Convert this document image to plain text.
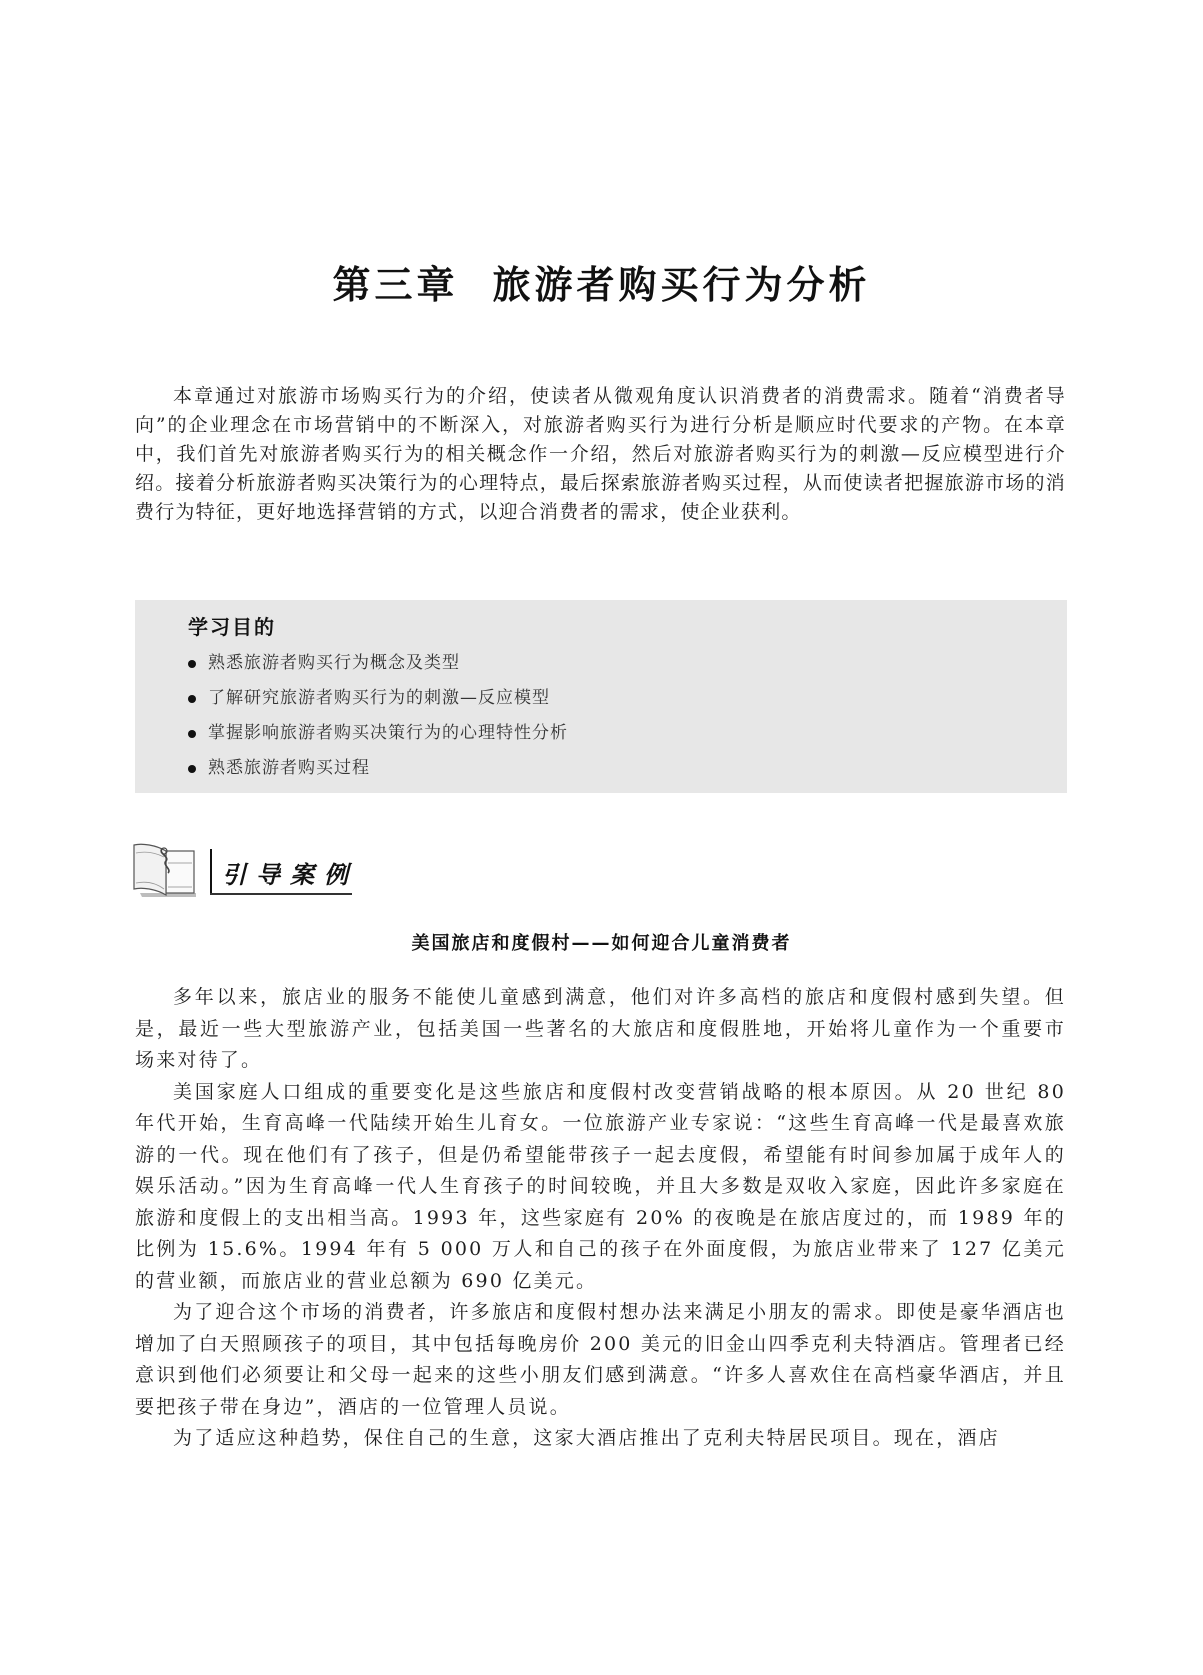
第三章 旅游者购买行为分析

本章通过对旅游市场购买行为的介绍，使读者从微观角度认识消费者的消费需求。随着“消费者导向”的企业理念在市场营销中的不断深入，对旅游者购买行为进行分析是顺应时代要求的产物。在本章中，我们首先对旅游者购买行为的相关概念作一介绍，然后对旅游者购买行为的刺激—反应模型进行介绍。接着分析旅游者购买决策行为的心理特点，最后探索旅游者购买过程，从而使读者把握旅游市场的消费行为特征，更好地选择营销的方式，以迎合消费者的需求，使企业获利。

学习目的
熟悉旅游者购买行为概念及类型
了解研究旅游者购买行为的刺激—反应模型
掌握影响旅游者购买决策行为的心理特性分析
熟悉旅游者购买过程
引导案例
美国旅店和度假村——如何迎合儿童消费者

多年以来，旅店业的服务不能使儿童感到满意，他们对许多高档的旅店和度假村感到失望。但是，最近一些大型旅游产业，包括美国一些著名的大旅店和度假胜地，开始将儿童作为一个重要市场来对待了。

美国家庭人口组成的重要变化是这些旅店和度假村改变营销战略的根本原因。从 20 世纪 80 年代开始，生育高峰一代陆续开始生儿育女。一位旅游产业专家说：“这些生育高峰一代是最喜欢旅游的一代。现在他们有了孩子，但是仍希望能带孩子一起去度假，希望能有时间参加属于成年人的娱乐活动。”因为生育高峰一代人生育孩子的时间较晚，并且大多数是双收入家庭，因此许多家庭在旅游和度假上的支出相当高。1993 年，这些家庭有 20% 的夜晚是在旅店度过的，而 1989 年的比例为 15.6%。1994 年有 5 000 万人和自己的孩子在外面度假，为旅店业带来了 127 亿美元的营业额，而旅店业的营业总额为 690 亿美元。

为了迎合这个市场的消费者，许多旅店和度假村想办法来满足小朋友的需求。即使是豪华酒店也增加了白天照顾孩子的项目，其中包括每晚房价 200 美元的旧金山四季克利夫特酒店。管理者已经意识到他们必须要让和父母一起来的这些小朋友们感到满意。“许多人喜欢住在高档豪华酒店，并且要把孩子带在身边”，酒店的一位管理人员说。

为了适应这种趋势，保住自己的生意，这家大酒店推出了克利夫特居民项目。现在，酒店
